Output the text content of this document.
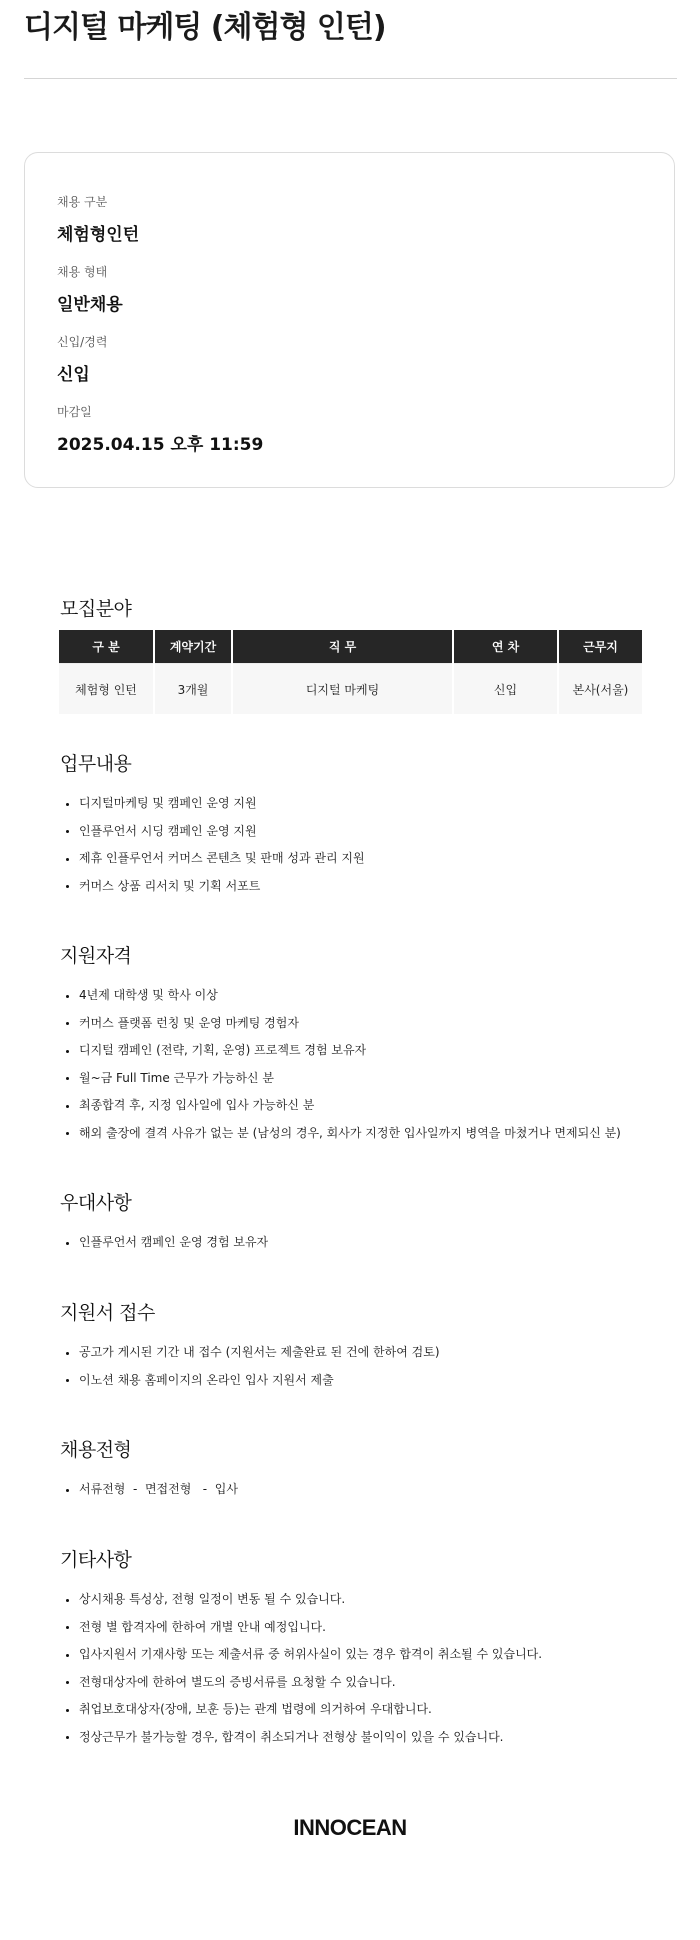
디지털 마케팅 (체험형 인턴)
채용 구분
체험형인턴
채용 형태
일반채용
신입/경력
신입
마감일
2025.04.15 오후 11:59
모집분야
구 분	계약기간	직 무	연 차	근무지
체험형 인턴	3개월	디지털 마케팅	신입	본사(서울)
업무내용
디지털마케팅 및 캠페인 운영 지원
인플루언서 시딩 캠페인 운영 지원
제휴 인플루언서 커머스 콘텐츠 및 판매 성과 관리 지원
커머스 상품 리서치 및 기획 서포트
지원자격
4년제 대학생 및 학사 이상
커머스 플랫폼 런칭 및 운영 마케팅 경험자
디지털 캠페인 (전략, 기획, 운영) 프로젝트 경험 보유자
월~금 Full Time 근무가 가능하신 분
최종합격 후, 지정 입사일에 입사 가능하신 분
해외 출장에 결격 사유가 없는 분 (남성의 경우, 회사가 지정한 입사일까지 병역을 마쳤거나 면제되신 분)
우대사항
인플루언서 캠페인 운영 경험 보유자
지원서 접수
공고가 게시된 기간 내 접수 (지원서는 제출완료 된 건에 한하여 검토)
이노션 채용 홈페이지의 온라인 입사 지원서 제출
채용전형
서류전형  -  면접전형   -  입사
기타사항
상시채용 특성상, 전형 일정이 변동 될 수 있습니다.
전형 별 합격자에 한하여 개별 안내 예정입니다.
입사지원서 기재사항 또는 제출서류 중 허위사실이 있는 경우 합격이 취소될 수 있습니다.
전형대상자에 한하여 별도의 증빙서류를 요청할 수 있습니다.
취업보호대상자(장애, 보훈 등)는 관계 법령에 의거하여 우대합니다.
정상근무가 불가능할 경우, 합격이 취소되거나 전형상 불이익이 있을 수 있습니다.
INNOCEAN
